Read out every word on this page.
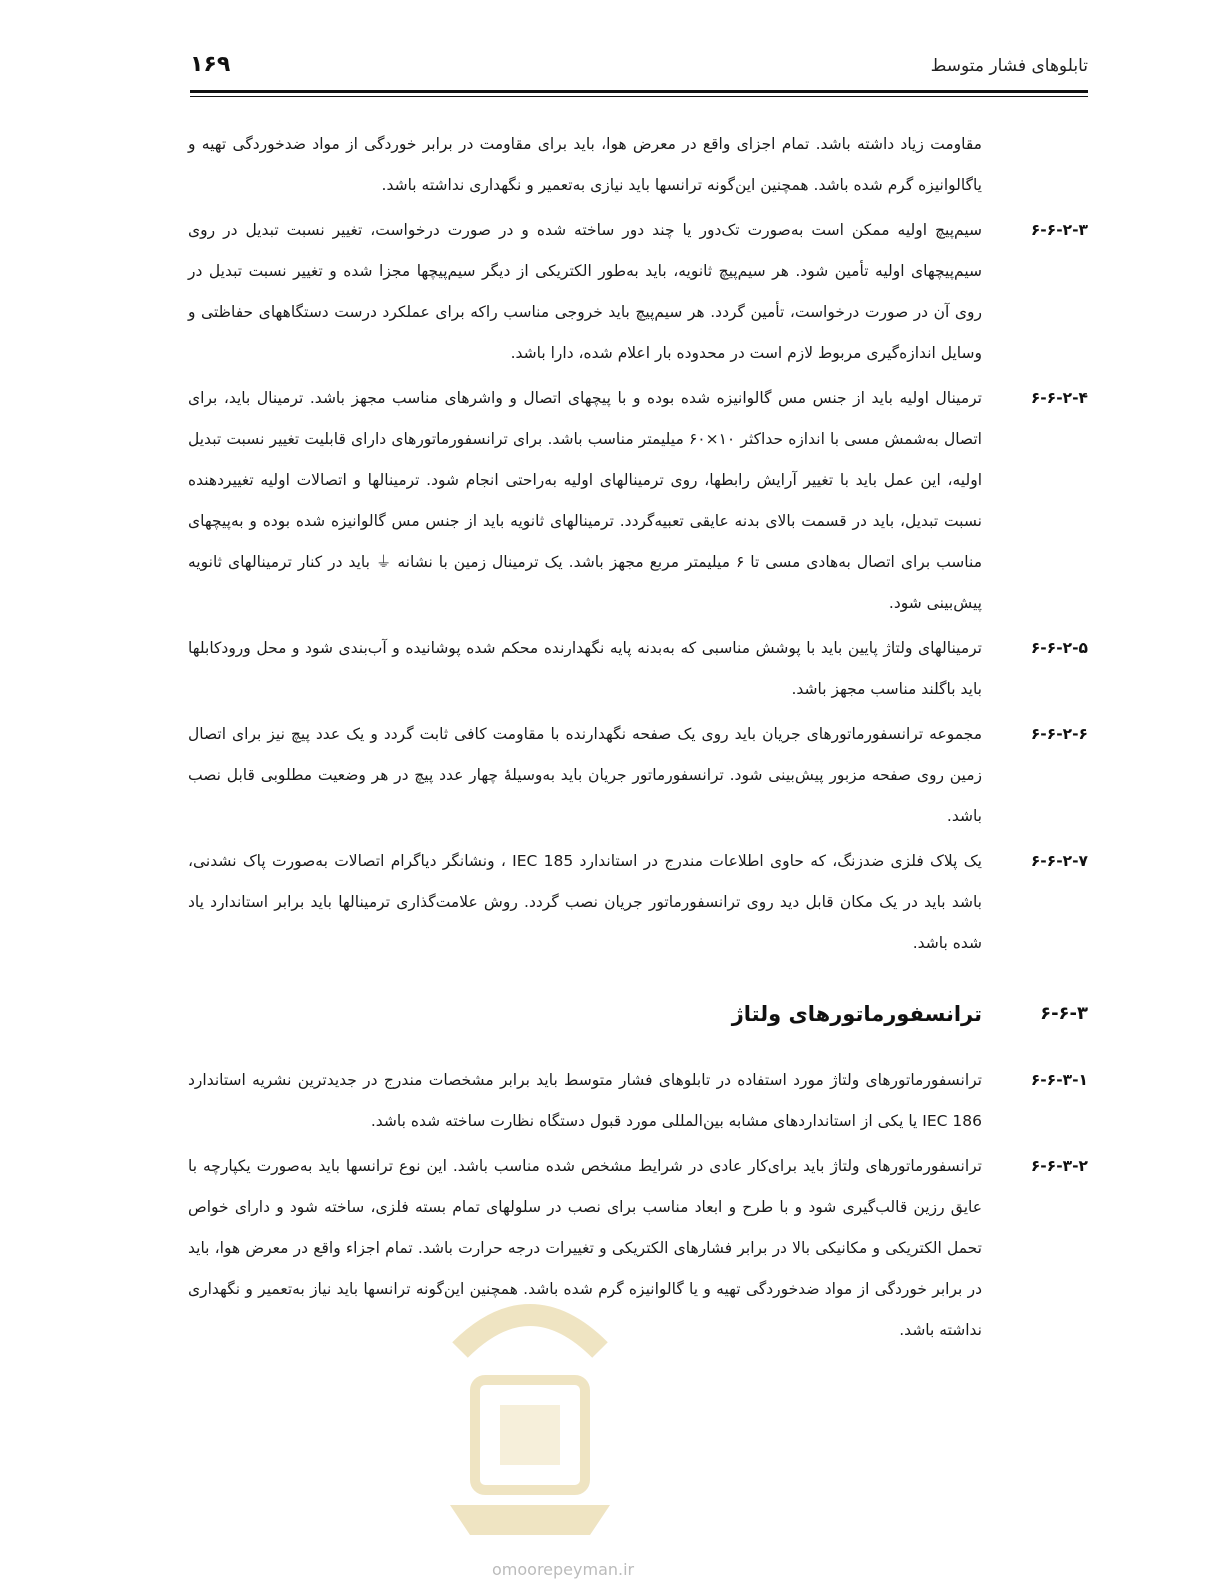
تابلوهای فشار متوسط
۱۶۹
مقاومت زیاد داشته باشد. تمام اجزای واقع در معرض هوا، باید برای مقاومت در برابر خوردگی از مواد ضدخوردگی تهیه و یاگالوانیزه گرم شده باشد. همچنین این‌گونه ترانسها باید نیازی به‌تعمیر و نگهداری نداشته باشد.
۶-۶-۲-۳
سیم‌پیچ اولیه ممکن است به‌صورت تک‌دور یا چند دور ساخته شده و در صورت درخواست، تغییر نسبت تبدیل در روی سیم‌پیچهای اولیه تأمین شود. هر سیم‌پیچ ثانویه، باید به‌طور الکتریکی از دیگر سیم‌پیچها مجزا شده و تغییر نسبت تبدیل در روی آن در صورت درخواست، تأمین گردد. هر سیم‌پیچ باید خروجی مناسب را‌که برای عملکرد درست دستگاههای حفاظتی و وسایل اندازه‌گیری مربوط لازم است در محدوده بار اعلام شده، دارا باشد.
۶-۶-۲-۴
ترمینال اولیه باید از جنس مس گالوانیزه شده بوده و با پیچهای اتصال و واشرهای مناسب مجهز باشد. ترمینال باید، برای اتصال به‌شمش مسی با اندازه حداکثر ۱۰×۶۰ میلیمتر مناسب باشد. برای ترانسفورماتورهای دارای قابلیت تغییر نسبت تبدیل اولیه، این عمل باید با تغییر آرایش رابطها، روی ترمینالهای اولیه به‌راحتی انجام شود. ترمینالها و اتصالات اولیه تغییردهنده نسبت تبدیل، باید در قسمت بالای بدنه عایقی تعبیه‌گردد. ترمینالهای ثانویه باید از جنس مس گالوانیزه شده بوده و به‌پیچهای مناسب برای اتصال به‌هادی مسی تا ۶ میلیمتر مربع مجهز باشد. یک ترمینال زمین با نشانه ⏚ باید در کنار ترمینالهای ثانویه پیش‌بینی شود.
۶-۶-۲-۵
ترمینالهای ولتاژ پایین باید با پوشش مناسبی که به‌بدنه پایه نگهدارنده محکم شده پوشانیده و آب‌بندی شود و محل ورودکابلها باید با‌گلند مناسب مجهز باشد.
۶-۶-۲-۶
مجموعه ترانسفورماتورهای جریان باید روی یک صفحه نگهدارنده با مقاومت کافی ثابت گردد و یک عدد پیچ نیز برای اتصال زمین روی صفحه مزبور پیش‌بینی شود. ترانسفورماتور جریان باید به‌وسیلهٔ چهار عدد پیچ در هر وضعیت مطلوبی قابل نصب باشد.
۶-۶-۲-۷
یک پلاک فلزی ضدزنگ، که حاوی اطلاعات مندرج در استاندارد IEC 185 ، ونشانگر دیاگرام اتصالات به‌صورت پاک نشدنی، باشد باید در یک مکان قابل دید روی ترانسفورماتور جریان نصب گردد. روش علامت‌گذاری ترمینالها باید برابر استاندارد یاد شده باشد.
۶-۶-۳
ترانسفورماتورهای ولتاژ
۶-۶-۳-۱
ترانسفورماتورهای ولتاژ مورد استفاده در تابلوهای فشار متوسط باید برابر مشخصات مندرج در جدیدترین نشریه استاندارد IEC 186 یا یکی از استانداردهای مشابه بین‌المللی مورد قبول دستگاه نظارت ساخته شده باشد.
۶-۶-۳-۲
ترانسفورماتورهای ولتاژ باید برای‌کار عادی در شرایط مشخص شده مناسب باشد. این نوع ترانسها باید به‌صورت یکپارچه با عایق رزین قالب‌گیری شود و با طرح و ابعاد مناسب برای نصب در سلولهای تمام بسته فلزی، ساخته شود و دارای خواص تحمل الکتریکی و مکانیکی بالا در برابر فشارهای الکتریکی و تغییرات درجه حرارت باشد. تمام اجزاء واقع در معرض هوا، باید در برابر خوردگی از مواد ضدخوردگی تهیه و یا گالوانیزه گرم شده باشد. همچنین این‌گونه ترانسها باید نیاز به‌تعمیر و نگهداری نداشته باشد.
omoorepeyman.ir
